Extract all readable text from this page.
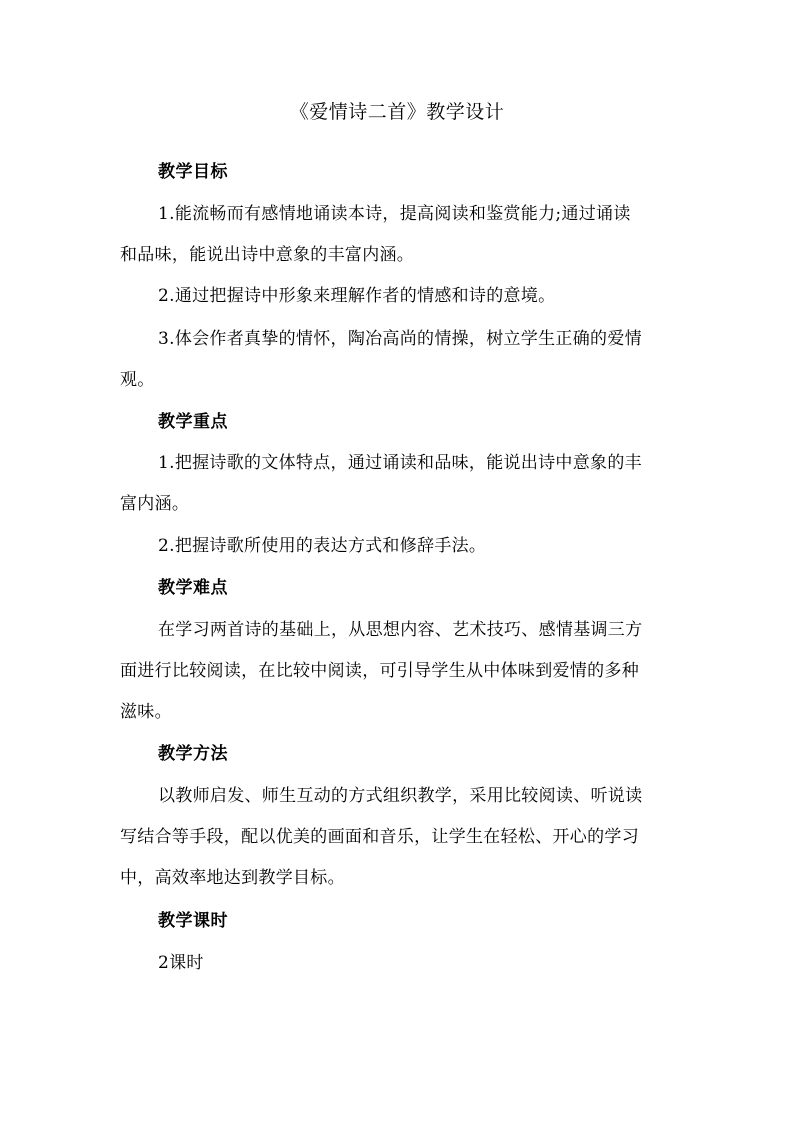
《爱情诗二首》教学设计
教学目标
1.能流畅而有感情地诵读本诗，提高阅读和鉴赏能力;通过诵读
和品味，能说出诗中意象的丰富内涵。
2.通过把握诗中形象来理解作者的情感和诗的意境。
3.体会作者真挚的情怀，陶冶高尚的情操，树立学生正确的爱情
观。
教学重点
1.把握诗歌的文体特点，通过诵读和品味，能说出诗中意象的丰
富内涵。
2.把握诗歌所使用的表达方式和修辞手法。
教学难点
在学习两首诗的基础上，从思想内容、艺术技巧、感情基调三方
面进行比较阅读，在比较中阅读，可引导学生从中体味到爱情的多种
滋味。
教学方法
以教师启发、师生互动的方式组织教学，采用比较阅读、听说读
写结合等手段，配以优美的画面和音乐，让学生在轻松、开心的学习
中，高效率地达到教学目标。
教学课时
2课时
